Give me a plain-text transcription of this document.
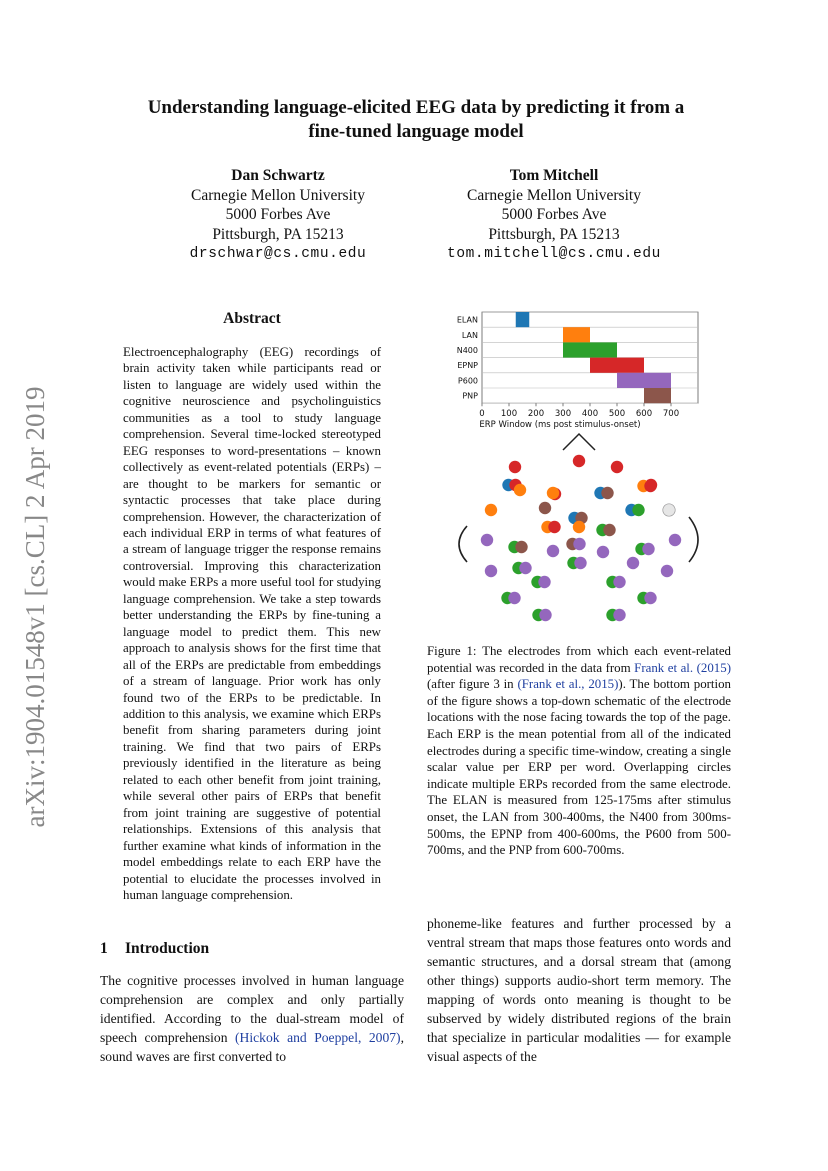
arXiv:1904.01548v1 [cs.CL] 2 Apr 2019
Understanding language-elicited EEG data by predicting it from a
fine-tuned language model
Dan Schwartz
Carnegie Mellon University
5000 Forbes Ave
Pittsburgh, PA 15213
drschwar@cs.cmu.edu
Tom Mitchell
Carnegie Mellon University
5000 Forbes Ave
Pittsburgh, PA 15213
tom.mitchell@cs.cmu.edu
Abstract
Electroencephalography (EEG) recordings of brain activity taken while participants read or listen to language are widely used within the cognitive neuroscience and psycholinguistics communities as a tool to study language comprehension. Several time-locked stereotyped EEG responses to word-presentations – known collectively as event-related potentials (ERPs) – are thought to be markers for semantic or syntactic processes that take place during comprehension. However, the characterization of each individual ERP in terms of what features of a stream of language trigger the response remains controversial. Improving this characterization would make ERPs a more useful tool for studying language comprehension. We take a step towards better understanding the ERPs by fine-tuning a language model to predict them. This new approach to analysis shows for the first time that all of the ERPs are predictable from embeddings of a stream of language. Prior work has only found two of the ERPs to be predictable. In addition to this analysis, we examine which ERPs benefit from sharing parameters during joint training. We find that two pairs of ERPs previously identified in the literature as being related to each other benefit from joint training, while several other pairs of ERPs that benefit from joint training are suggestive of potential relationships. Extensions of this analysis that further examine what kinds of information in the model embeddings relate to each ERP have the potential to elucidate the processes involved in human language comprehension.
1 Introduction
The cognitive processes involved in human language comprehension are complex and only partially identified. According to the dual-stream model of speech comprehension (Hickok and Poeppel, 2007), sound waves are first converted to
phoneme-like features and further processed by a ventral stream that maps those features onto words and semantic structures, and a dorsal stream that (among other things) supports audio-short term memory. The mapping of words onto meaning is thought to be subserved by widely distributed regions of the brain that specialize in particular modalities — for example visual aspects of the
ELAN
LAN
N400
EPNP
P600
PNP
0 100 200 300 400 500 600 700
ERP Window (ms post stimulus-onset)
Figure 1: The electrodes from which each event-related potential was recorded in the data from Frank et al. (2015) (after figure 3 in (Frank et al., 2015)). The bottom portion of the figure shows a top-down schematic of the electrode locations with the nose facing towards the top of the page. Each ERP is the mean potential from all of the indicated electrodes during a specific time-window, creating a single scalar value per ERP per word. Overlapping circles indicate multiple ERPs recorded from the same electrode. The ELAN is measured from 125-175ms after stimulus onset, the LAN from 300-400ms, the N400 from 300ms-500ms, the EPNP from 400-600ms, the P600 from 500-700ms, and the PNP from 600-700ms.
